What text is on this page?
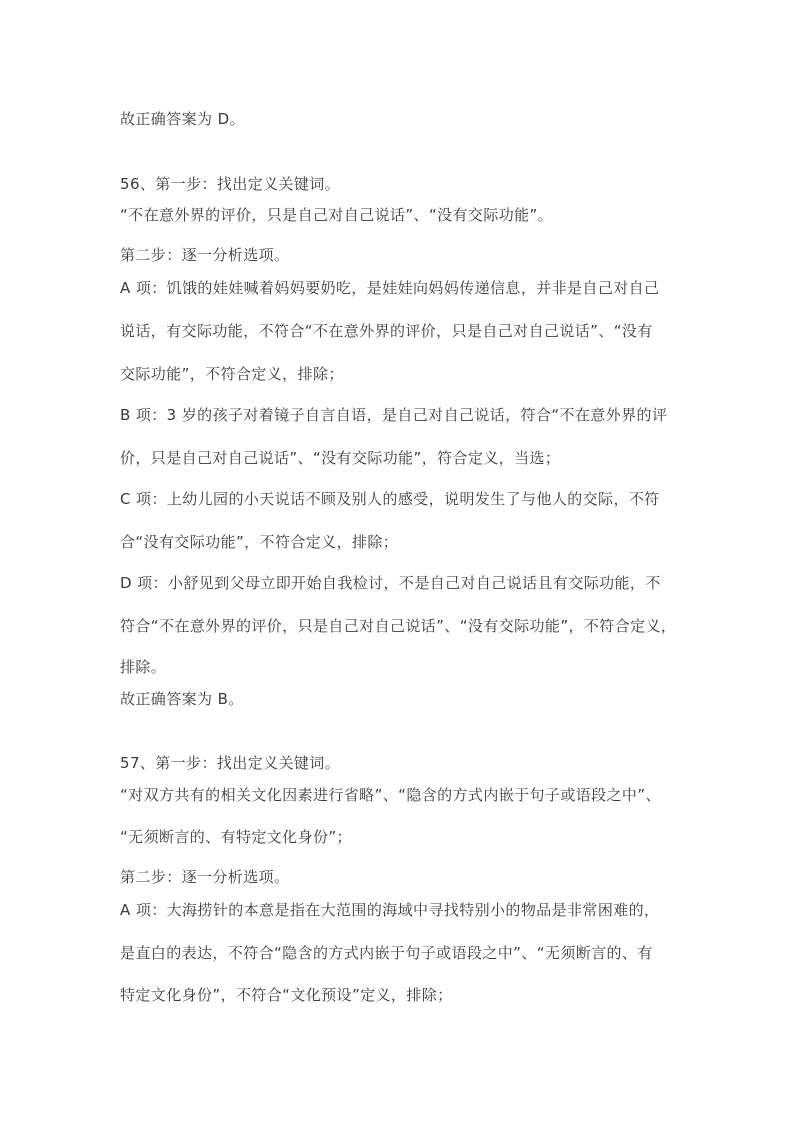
故正确答案为 D。
56、第一步：找出定义关键词。
“不在意外界的评价，只是自己对自己说话”、“没有交际功能”。
第二步：逐一分析选项。
A 项：饥饿的娃娃喊着妈妈要奶吃，是娃娃向妈妈传递信息，并非是自己对自己
说话，有交际功能，不符合“不在意外界的评价，只是自己对自己说话”、“没有
交际功能”，不符合定义，排除；
B 项：3 岁的孩子对着镜子自言自语，是自己对自己说话，符合“不在意外界的评
价，只是自己对自己说话”、“没有交际功能”，符合定义，当选；
C 项：上幼儿园的小天说话不顾及别人的感受，说明发生了与他人的交际，不符
合“没有交际功能”，不符合定义，排除；
D 项：小舒见到父母立即开始自我检讨，不是自己对自己说话且有交际功能，不
符合“不在意外界的评价，只是自己对自己说话”、“没有交际功能”，不符合定义，
排除。
故正确答案为 B。
57、第一步：找出定义关键词。
“对双方共有的相关文化因素进行省略”、“隐含的方式内嵌于句子或语段之中”、
“无须断言的、有特定文化身份”；
第二步：逐一分析选项。
A 项：大海捞针的本意是指在大范围的海域中寻找特别小的物品是非常困难的，
是直白的表达，不符合“隐含的方式内嵌于句子或语段之中”、“无须断言的、有
特定文化身份”，不符合“文化预设”定义，排除；
